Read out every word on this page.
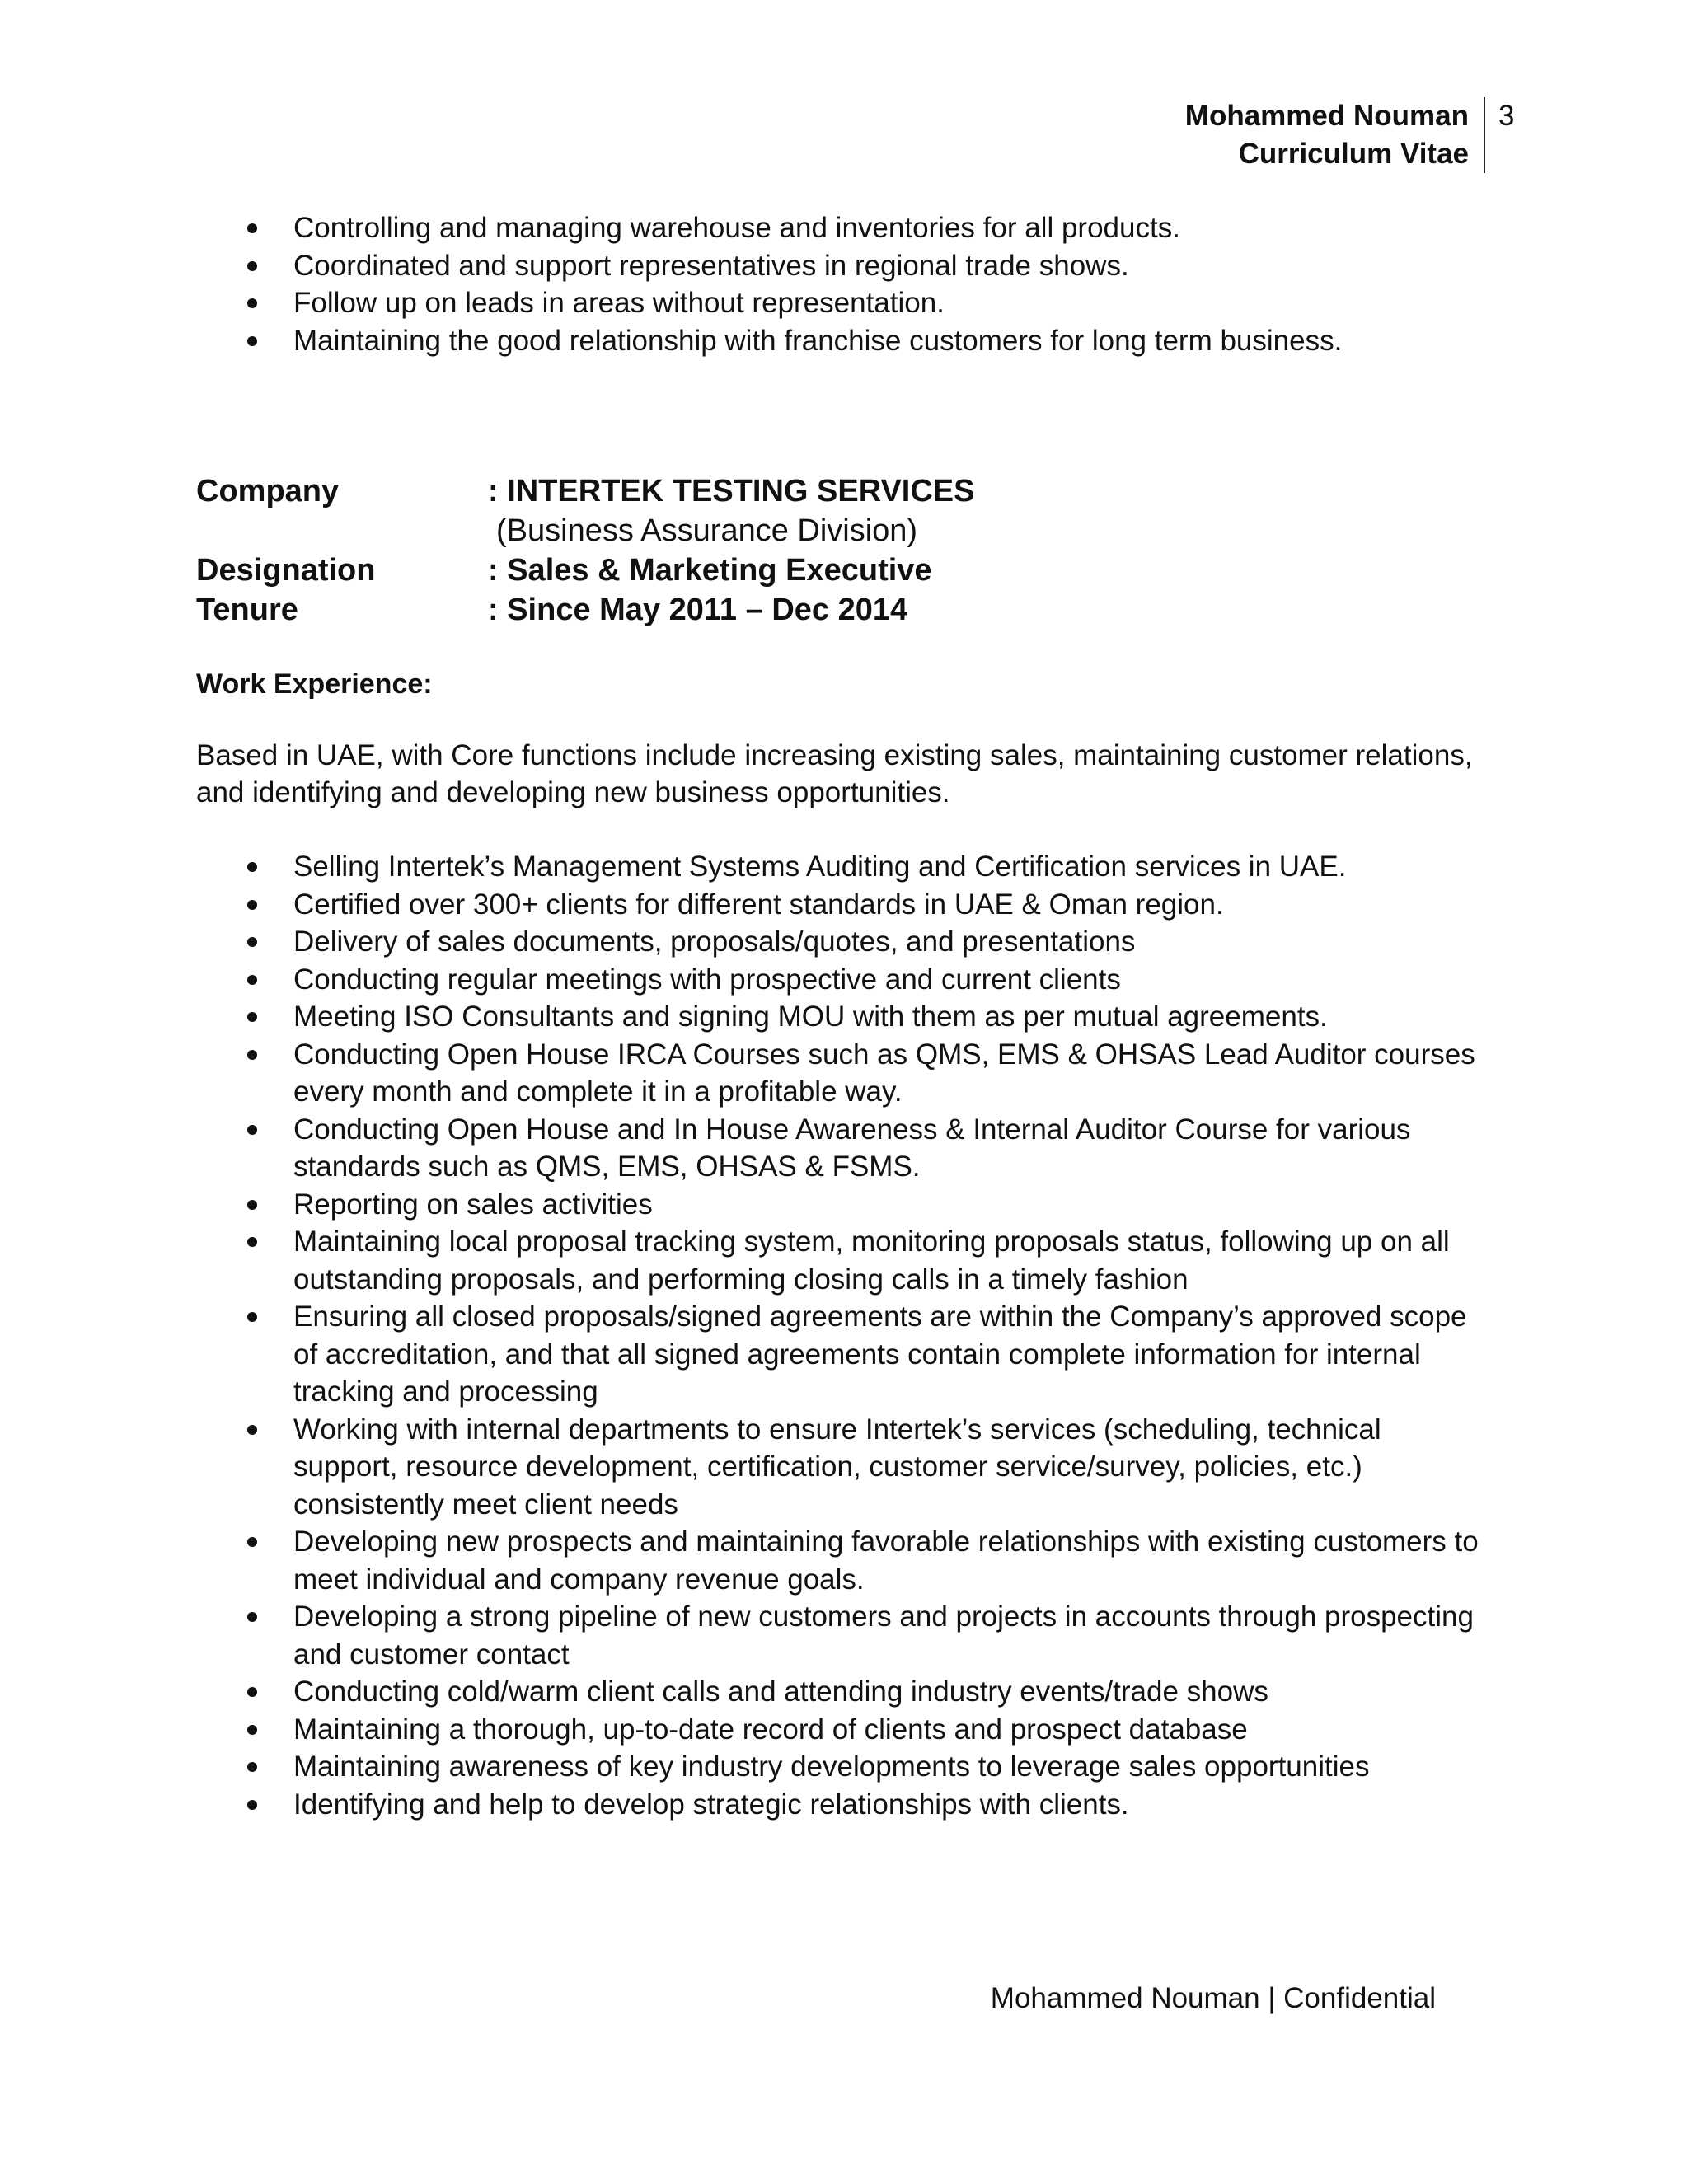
Mohammed Nouman
Curriculum Vitae
3
Controlling and managing warehouse and inventories for all products.
Coordinated and support representatives in regional trade shows.
Follow up on leads in areas without representation.
Maintaining the good relationship with franchise customers for long term business.
Company	: INTERTEK TESTING SERVICES
(Business Assurance Division)
Designation	: Sales & Marketing Executive
Tenure	: Since May 2011 – Dec 2014
Work Experience:
Based in UAE, with Core functions include increasing existing sales, maintaining customer relations, and identifying and developing new business opportunities.
Selling Intertek’s Management Systems Auditing and Certification services in UAE.
Certified over 300+ clients for different standards in UAE & Oman region.
Delivery of sales documents, proposals/quotes, and presentations
Conducting regular meetings with prospective and current clients
Meeting ISO Consultants and signing MOU with them as per mutual agreements.
Conducting Open House IRCA Courses such as QMS, EMS & OHSAS Lead Auditor courses every month and complete it in a profitable way.
Conducting Open House and In House Awareness & Internal Auditor Course for various standards such as QMS, EMS, OHSAS & FSMS.
Reporting on sales activities
Maintaining local proposal tracking system, monitoring proposals status, following up on all outstanding proposals, and performing closing calls in a timely fashion
Ensuring all closed proposals/signed agreements are within the Company’s approved scope of accreditation, and that all signed agreements contain complete information for internal tracking and processing
Working with internal departments to ensure Intertek’s services (scheduling, technical support, resource development, certification, customer service/survey, policies, etc.) consistently meet client needs
Developing new prospects and maintaining favorable relationships with existing customers to meet individual and company revenue goals.
Developing a strong pipeline of new customers and projects in accounts through prospecting and customer contact
Conducting cold/warm client calls and attending industry events/trade shows
Maintaining a thorough, up-to-date record of clients and prospect database
Maintaining awareness of key industry developments to leverage sales opportunities
Identifying and help to develop strategic relationships with clients.
Mohammed Nouman | Confidential
